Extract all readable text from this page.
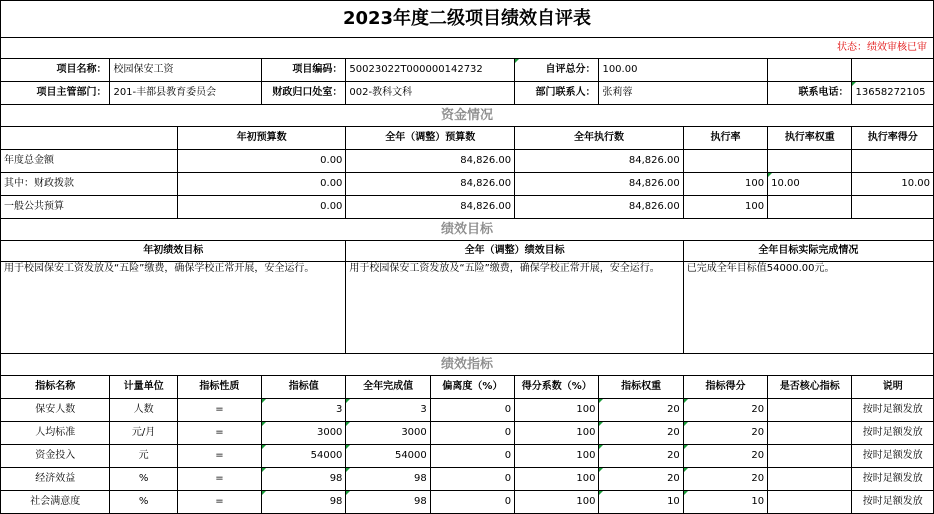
2023年度二级项目绩效自评表										
状态：绩效审核已审										
项目名称：	校园保安工资		项目编码：	50023022T000000142732		自评总分：	100.00			
项目主管部门：	201-丰都县教育委员会		财政归口处室：	002-教科文科		部门联系人：	张莉蓉		联系电话：	13658272105
资金情况										
		年初预算数		全年（调整）预算数		全年执行数		执行率	执行率权重	执行率得分
年度总金额		0.00		84,826.00		84,826.00				
其中：财政拨款		0.00		84,826.00		84,826.00		100	10.00	10.00
一般公共预算		0.00		84,826.00		84,826.00		100		
绩效目标										
年初绩效目标				全年（调整）绩效目标				全年目标实际完成情况		
用于校园保安工资发放及“五险”缴费，确保学校正常开展，安全运行。				用于校园保安工资发放及“五险”缴费，确保学校正常开展，安全运行。				已完成全年目标值54000.00元。		
绩效指标										
指标名称	计量单位	指标性质	指标值	全年完成值	偏离度（%）	得分系数（%）	指标权重	指标得分	是否核心指标	说明
保安人数	人数	=	3	3	0	100	20	20		按时足额发放
人均标准	元/月	=	3000	3000	0	100	20	20		按时足额发放
资金投入	元	=	54000	54000	0	100	20	20		按时足额发放
经济效益	%	=	98	98	0	100	20	20		按时足额发放
社会满意度	%	=	98	98	0	100	10	10		按时足额发放
